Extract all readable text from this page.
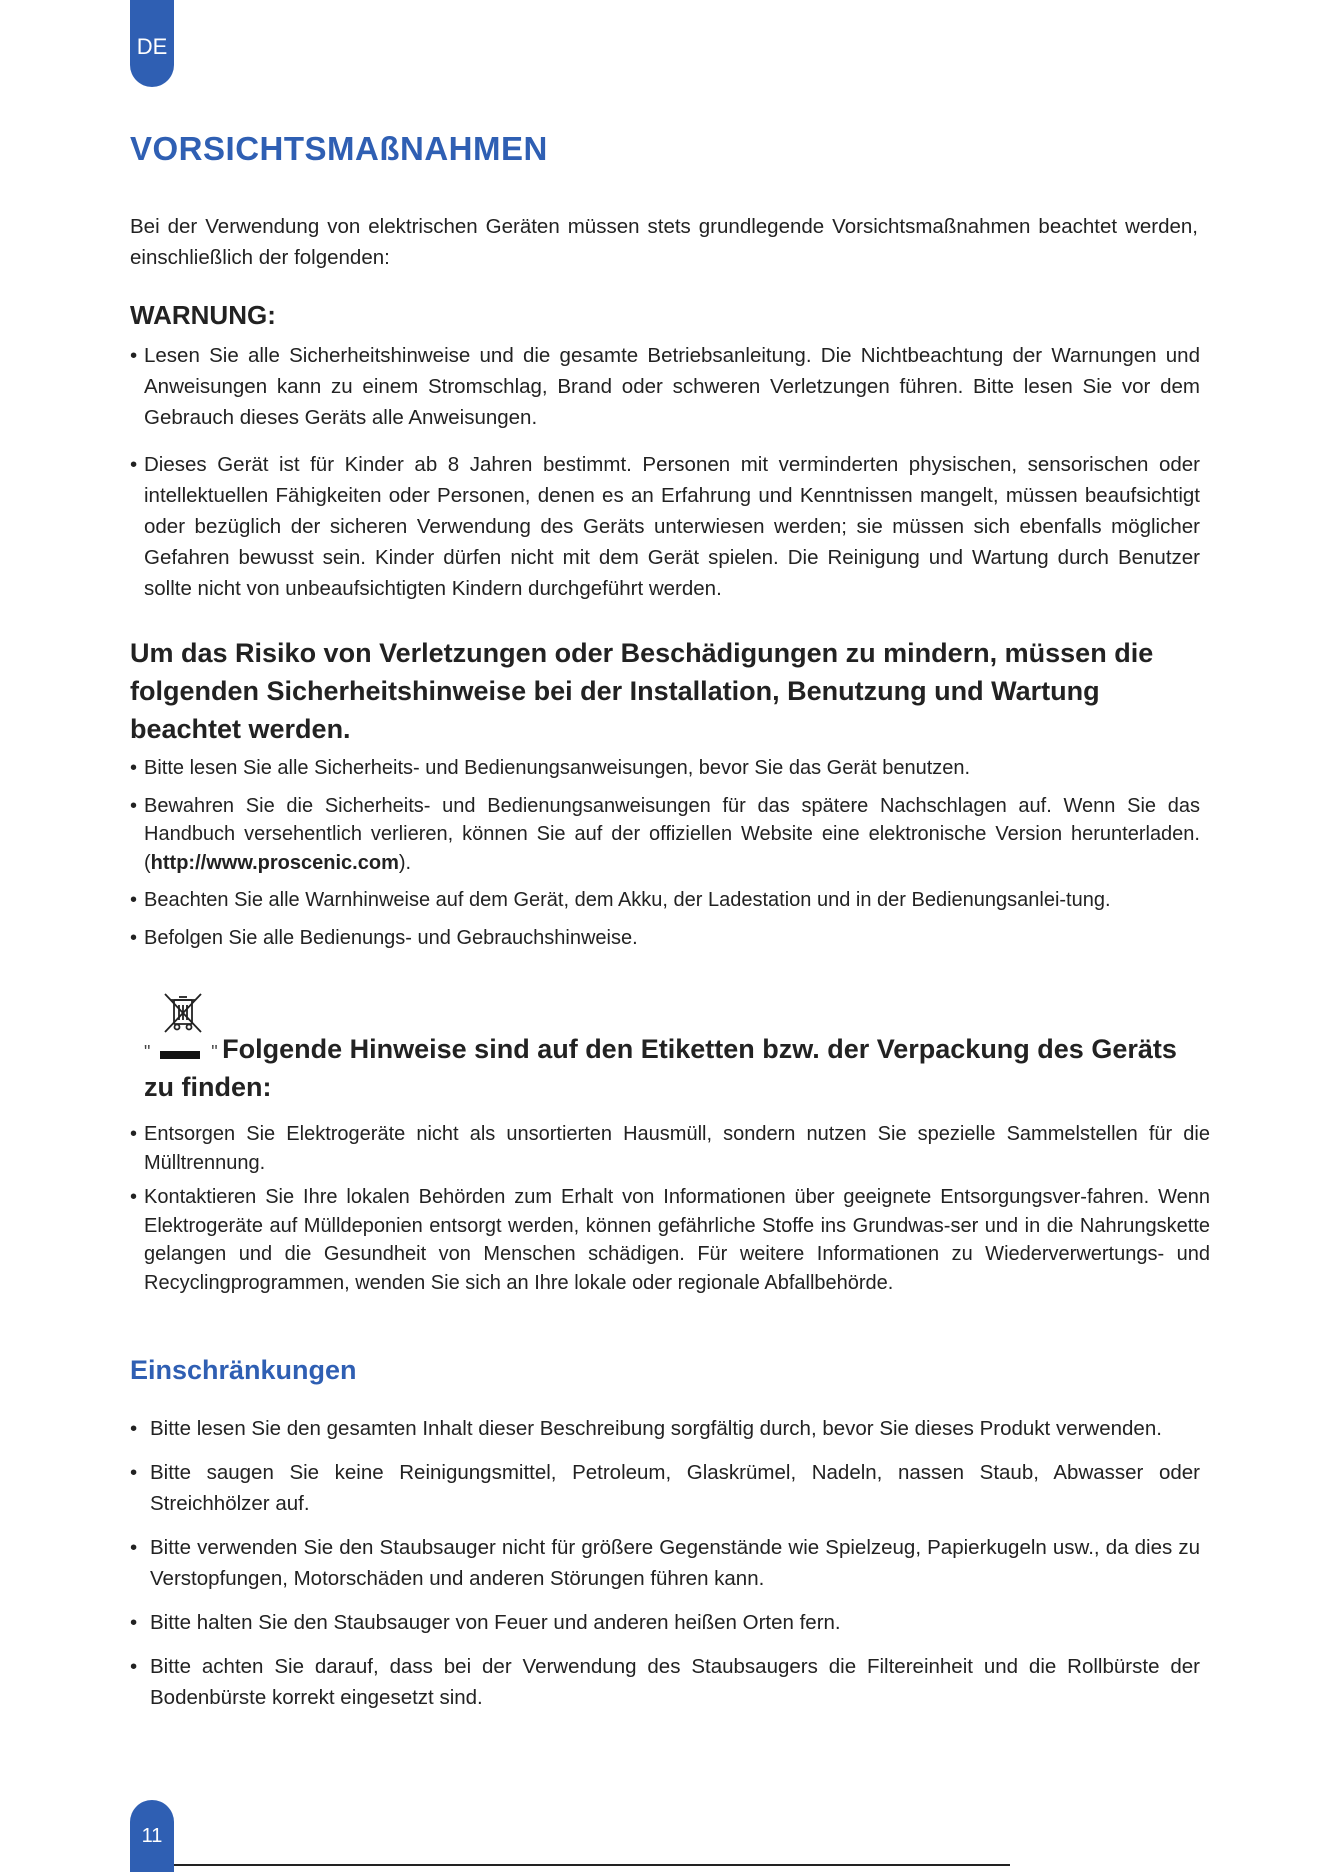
DE
VORSICHTSMAßNAHMEN

Bei der Verwendung von elektrischen Geräten müssen stets grundlegende Vorsichtsmaßnahmen beachtet werden, einschließlich der folgenden:

WARNUNG:
• Lesen Sie alle Sicherheitshinweise und die gesamte Betriebsanleitung. Die Nichtbeachtung der Warnungen und Anweisungen kann zu einem Stromschlag, Brand oder schweren Verletzungen führen. Bitte lesen Sie vor dem Gebrauch dieses Geräts alle Anweisungen.
• Dieses Gerät ist für Kinder ab 8 Jahren bestimmt. Personen mit verminderten physischen, sensorischen oder intellektuellen Fähigkeiten oder Personen, denen es an Erfahrung und Kenntnissen mangelt, müssen beaufsichtigt oder bezüglich der sicheren Verwendung des Geräts unterwiesen werden; sie müssen sich ebenfalls möglicher Gefahren bewusst sein. Kinder dürfen nicht mit dem Gerät spielen. Die Reinigung und Wartung durch Benutzer sollte nicht von unbeaufsichtigten Kindern durchgeführt werden.

Um das Risiko von Verletzungen oder Beschädigungen zu mindern, müssen die folgenden Sicherheitshinweise bei der Installation, Benutzung und Wartung beachtet werden.

• Bitte lesen Sie alle Sicherheits- und Bedienungsanweisungen, bevor Sie das Gerät benutzen.
• Bewahren Sie die Sicherheits- und Bedienungsanweisungen für das spätere Nachschlagen auf. Wenn Sie das Handbuch versehentlich verlieren, können Sie auf der offiziellen Website eine elektronische Version herunterladen.(http://www.proscenic.com).
• Beachten Sie alle Warnhinweise auf dem Gerät, dem Akku, der Ladestation und in der Bedienungsanlei-tung.
• Befolgen Sie alle Bedienungs- und Gebrauchshinweise.
"	" Folgende Hinweise sind auf den Etiketten bzw. der Verpackung des Geräts zu finden:
• Entsorgen Sie Elektrogeräte nicht als unsortierten Hausmüll, sondern nutzen Sie spezielle Sammelstellen für die Mülltrennung.
• Kontaktieren Sie Ihre lokalen Behörden zum Erhalt von Informationen über geeignete Entsorgungsver-fahren. Wenn Elektrogeräte auf Mülldeponien entsorgt werden, können gefährliche Stoffe ins Grundwas-ser und in die Nahrungskette gelangen und die Gesundheit von Menschen schädigen. Für weitere Informationen zu Wiederverwertungs- und Recyclingprogrammen, wenden Sie sich an Ihre lokale oder regionale Abfallbehörde.
Einschränkungen
• Bitte lesen Sie den gesamten Inhalt dieser Beschreibung sorgfältig durch, bevor Sie dieses Produkt verwenden.
• Bitte saugen Sie keine Reinigungsmittel, Petroleum, Glaskrümel, Nadeln, nassen Staub, Abwasser oder Streichhölzer auf.
• Bitte verwenden Sie den Staubsauger nicht für größere Gegenstände wie Spielzeug, Papierkugeln usw., da dies zu Verstopfungen, Motorschäden und anderen Störungen führen kann.
• Bitte halten Sie den Staubsauger von Feuer und anderen heißen Orten fern.
• Bitte achten Sie darauf, dass bei der Verwendung des Staubsaugers die Filtereinheit und die Rollbürste der Bodenbürste korrekt eingesetzt sind.
11
